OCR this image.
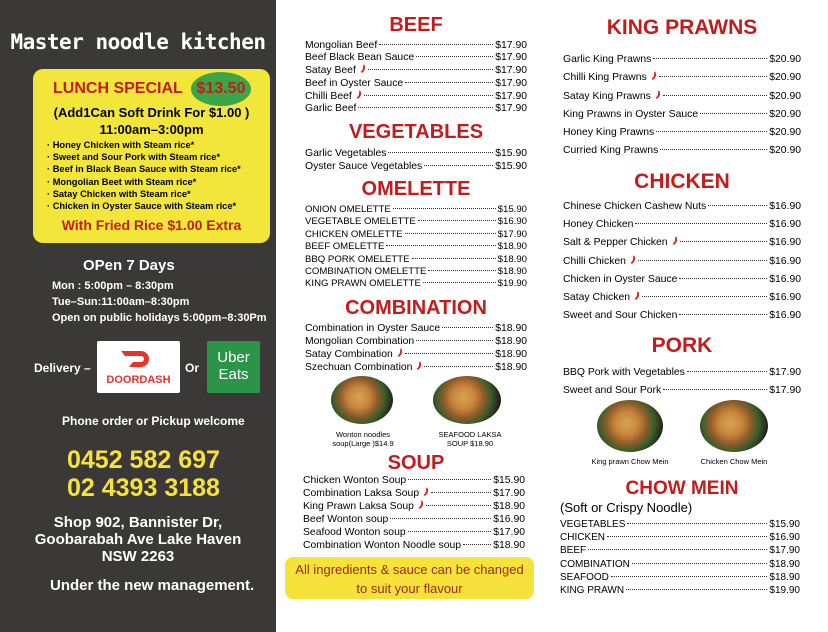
Master noodle kitchen
LUNCH SPECIAL $13.50
(Add1Can Soft Drink For $1.00 )
11:00am–3:00pm
· Honey Chicken with Steam rice*
· Sweet and Sour Pork with Steam rice*
· Beef in Black Bean Sauce with Steam rice*
· Mongolian Beet with Steam rice*
· Satay Chicken with Steam rice*
· Chicken in Oyster Sauce with Steam rice*
With Fried Rice $1.00 Extra
OPen 7 Days
Mon : 5:00pm – 8:30pm
Tue–Sun:11:00am–8:30pm
Open on public holidays 5:00pm–8:30Pm
Delivery –
DOORDASH
Or
Uber
Eats
Phone order or Pickup welcome
0452 582 697
02 4393 3188
Shop 902, Bannister Dr,
Goobarabah Ave Lake Haven
NSW 2263
Under the new management.
BEEF
Mongolian Beef	$17.90
Beef Black Bean Sauce	$17.90
Satay Beef	$17.90
Beef in Oyster Sauce	$17.90
Chilli Beef	$17.90
Garlic Beef	$17.90
VEGETABLES
Garlic Vegetables	$15.90
Oyster Sauce Vegetables	$15.90
OMELETTE
ONION OMELETTE	$15.90
VEGETABLE OMELETTE	$16.90
CHICKEN OMELETTE	$17.90
BEEF OMELETTE	$18.90
BBQ PORK OMELETTE	$18.90
COMBINATION OMELETTE	$18.90
KING PRAWN OMELETTE	$19.90
COMBINATION
Combination in Oyster Sauce	$18.90
Mongolian Combination	$18.90
Satay Combination	$18.90
Szechuan Combination	$18.90
Wonton noodles
soup(Large )$14.9
SEAFOOD LAKSA
SOUP $18.90
SOUP
Chicken Wonton Soup	$15.90
Combination Laksa Soup	$17.90
King Prawn Laksa Soup	$18.90
Beef Wonton soup	$16.90
Seafood Wonton soup	$17.90
Combination Wonton Noodle soup	$18.90
All ingredients & sauce can be changed
to suit your flavour
KING PRAWNS
Garlic King Prawns	$20.90
Chilli King Prawns	$20.90
Satay King Prawns	$20.90
King Prawns in Oyster Sauce	$20.90
Honey King Prawns	$20.90
Curried King Prawns	$20.90
CHICKEN
Chinese Chicken Cashew Nuts	$16.90
Honey Chicken	$16.90
Salt & Pepper Chicken	$16.90
Chilli Chicken	$16.90
Chicken in Oyster Sauce	$16.90
Satay Chicken	$16.90
Sweet and Sour Chicken	$16.90
PORK
BBQ Pork with Vegetables	$17.90
Sweet and Sour Pork	$17.90
King prawn Chow Mein	Chicken Chow Mein
CHOW MEIN
(Soft or Crispy Noodle)
VEGETABLES	$15.90
CHICKEN	$16.90
BEEF	$17.90
COMBINATION	$18.90
SEAFOOD	$18.90
KING PRAWN	$19.90
